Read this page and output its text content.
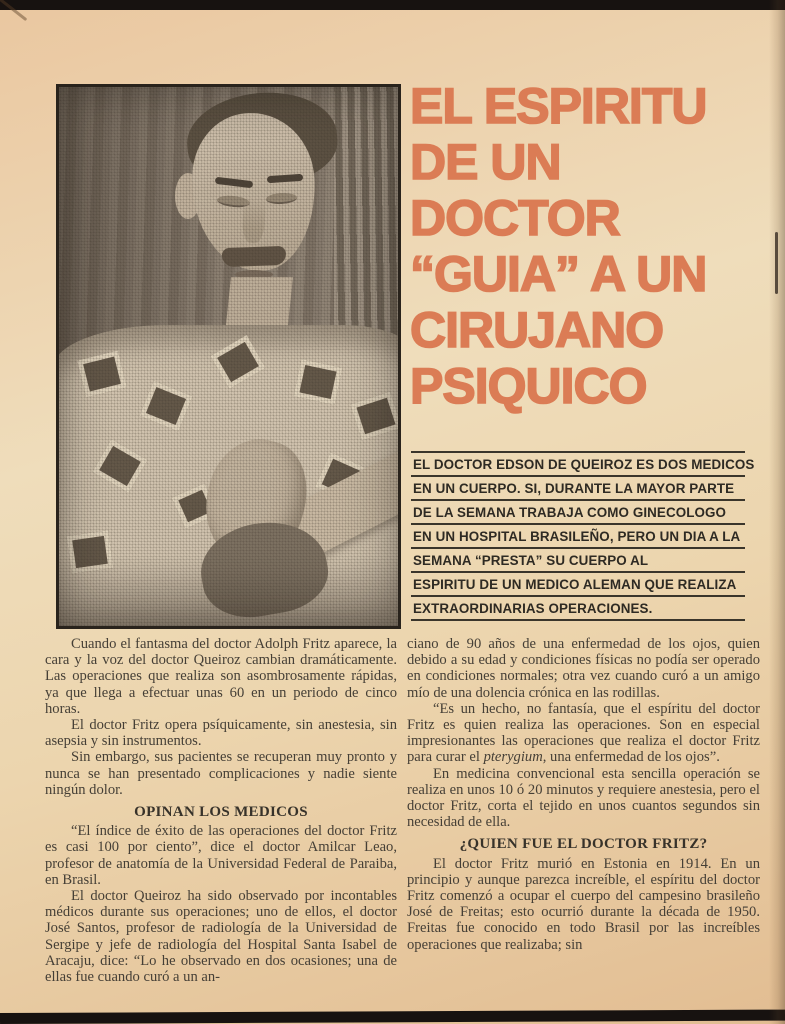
EL ESPIRITU
DE UN
DOCTOR
“GUIA” A UN
CIRUJANO
PSIQUICO
EL DOCTOR EDSON DE QUEIROZ ES DOS MEDICOS
EN UN CUERPO. SI, DURANTE LA MAYOR PARTE
DE LA SEMANA TRABAJA COMO GINECOLOGO
EN UN HOSPITAL BRASILEÑO, PERO UN DIA A LA
SEMANA “PRESTA” SU CUERPO AL
ESPIRITU DE UN MEDICO ALEMAN QUE REALIZA
EXTRAORDINARIAS OPERACIONES.

Cuando el fantasma del doctor Adolph Fritz aparece, la cara y la voz del doctor Queiroz cambian dramáticamente. Las operaciones que realiza son asombrosamente rápidas, ya que llega a efectuar unas 60 en un periodo de cinco horas.

El doctor Fritz opera psíquicamente, sin anestesia, sin asepsia y sin instrumentos.

Sin embargo, sus pacientes se recuperan muy pronto y nunca se han presentado complicaciones y nadie siente ningún dolor.

OPINAN LOS MEDICOS

“El índice de éxito de las operaciones del doctor Fritz es casi 100 por ciento”, dice el doctor Amilcar Leao, profesor de anatomía de la Universidad Federal de Paraiba, en Brasil.

El doctor Queiroz ha sido observado por incontables médicos durante sus operaciones; uno de ellos, el doctor José Santos, profesor de radiología de la Universidad de Sergipe y jefe de radiología del Hospital Santa Isabel de Aracaju, dice: “Lo he observado en dos ocasiones; una de ellas fue cuando curó a un an-

ciano de 90 años de una enfermedad de los ojos, quien debido a su edad y condiciones físicas no podía ser operado en condiciones normales; otra vez cuando curó a un amigo mío de una dolencia crónica en las rodillas.

“Es un hecho, no fantasía, que el espíritu del doctor Fritz es quien realiza las operaciones. Son en especial impresionantes las operaciones que realiza el doctor Fritz para curar el pterygium, una enfermedad de los ojos”.

En medicina convencional esta sencilla operación se realiza en unos 10 ó 20 minutos y requiere anestesia, pero el doctor Fritz, corta el tejido en unos cuantos segundos sin necesidad de ella.

¿QUIEN FUE EL DOCTOR FRITZ?

El doctor Fritz murió en Estonia en 1914. En un principio y aunque parezca increíble, el espíritu del doctor Fritz comenzó a ocupar el cuerpo del campesino brasileño José de Freitas; esto ocurrió durante la década de 1950. Freitas fue conocido en todo Brasil por las increíbles operaciones que realizaba; sin
